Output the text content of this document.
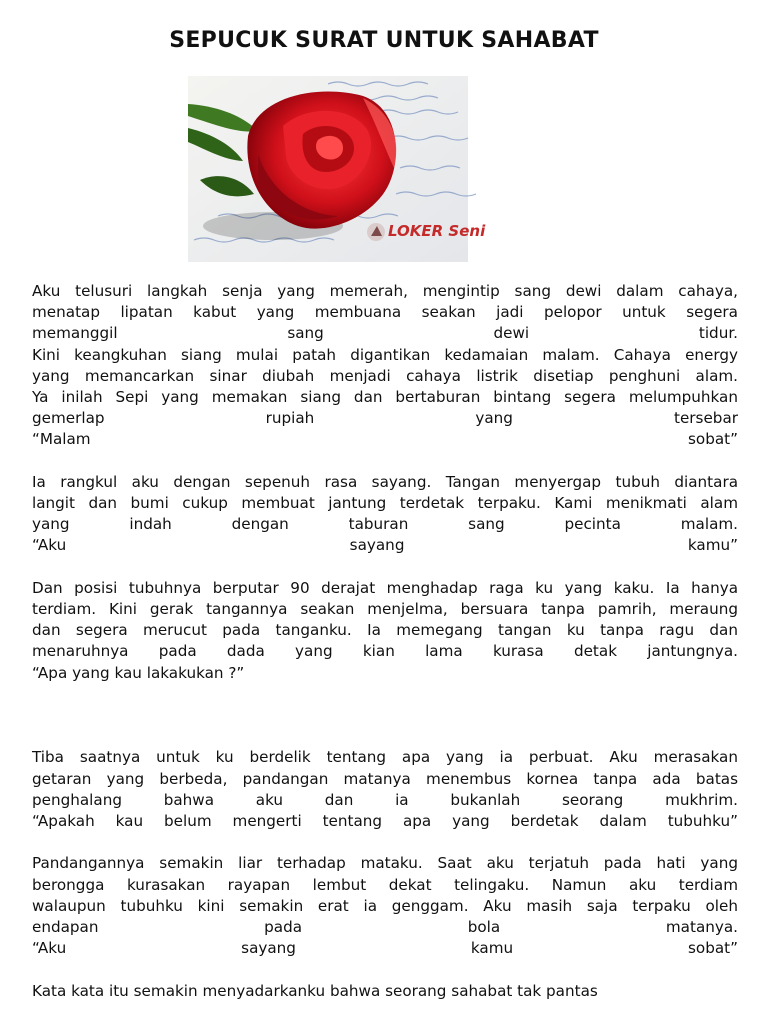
SEPUCUK SURAT UNTUK SAHABAT
LOKER Seni

Aku telusuri langkah senja yang memerah, mengintip sang dewi dalam cahaya,
menatap lipatan kabut yang membuana seakan jadi pelopor untuk segera
memanggil sang dewi tidur.
Kini keangkuhan siang mulai patah digantikan kedamaian malam. Cahaya energy
yang memancarkan sinar diubah menjadi cahaya listrik disetiap penghuni alam.
Ya inilah Sepi yang memakan siang dan bertaburan bintang segera melumpuhkan
gemerlap rupiah yang tersebar
“Malam sobat”

Ia rangkul aku dengan sepenuh rasa sayang. Tangan menyergap tubuh diantara
langit dan bumi cukup membuat jantung terdetak terpaku. Kami menikmati alam
yang indah dengan taburan sang pecinta malam.
“Aku sayang kamu”

Dan posisi tubuhnya berputar 90 derajat menghadap raga ku yang kaku. Ia hanya
terdiam. Kini gerak tangannya seakan menjelma, bersuara tanpa pamrih, meraung
dan segera merucut pada tanganku. Ia memegang tangan ku tanpa ragu dan
menaruhnya pada dada yang kian lama kurasa detak jantungnya.
“Apa yang kau lakakukan ?”

Tiba saatnya untuk ku berdelik tentang apa yang ia perbuat. Aku merasakan
getaran yang berbeda, pandangan matanya menembus kornea tanpa ada batas
penghalang bahwa aku dan ia bukanlah seorang mukhrim.
“Apakah kau belum mengerti tentang apa yang berdetak dalam tubuhku”

Pandangannya semakin liar terhadap mataku. Saat aku terjatuh pada hati yang
berongga kurasakan rayapan lembut dekat telingaku. Namun aku terdiam
walaupun tubuhku kini semakin erat ia genggam. Aku masih saja terpaku oleh
endapan pada bola matanya.
“Aku sayang kamu sobat”

Kata kata itu semakin menyadarkanku bahwa seorang sahabat tak pantas
